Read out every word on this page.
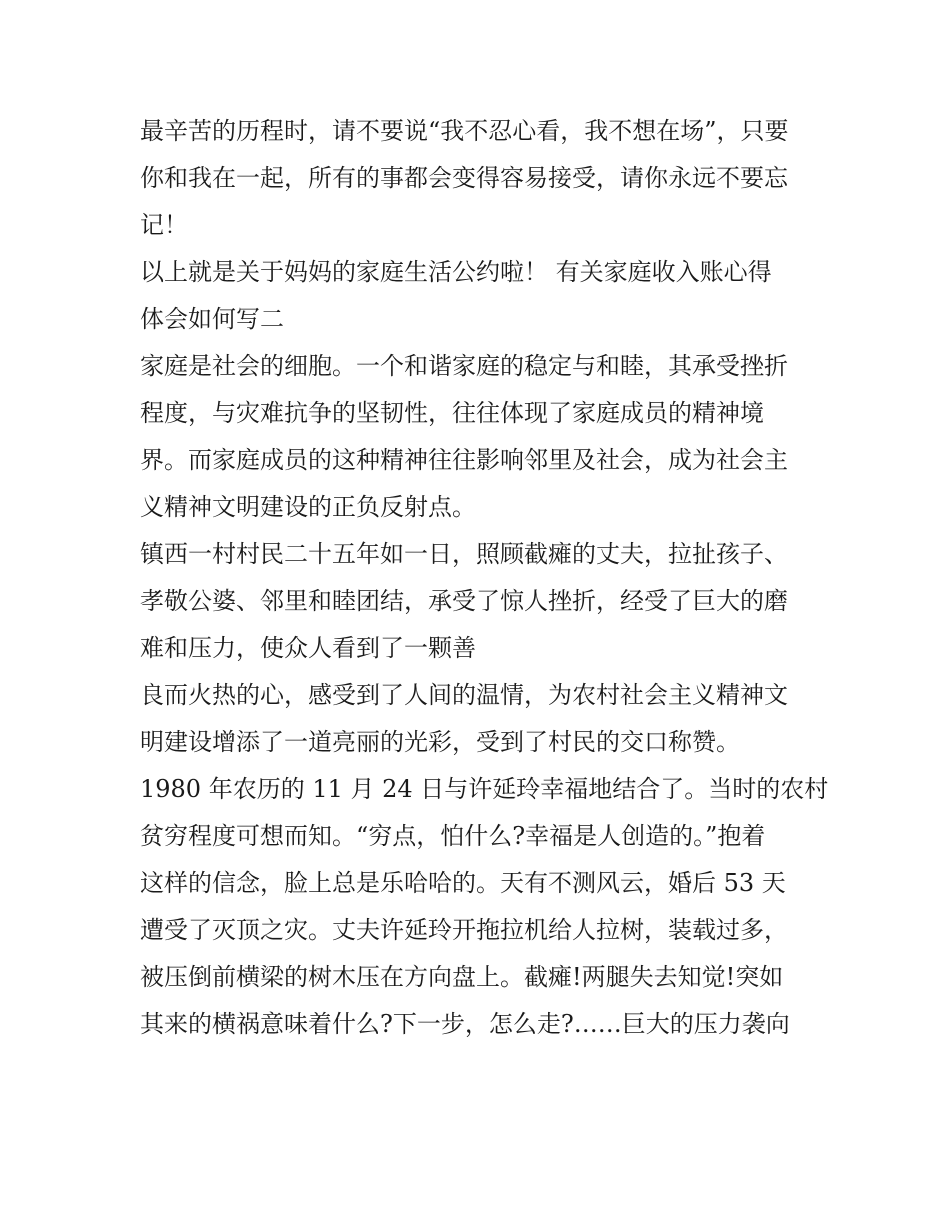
最辛苦的历程时，请不要说“我不忍心看，我不想在场”，只要
你和我在一起，所有的事都会变得容易接受，请你永远不要忘
记！
以上就是关于妈妈的家庭生活公约啦！ 有关家庭收入账心得
体会如何写二
家庭是社会的细胞。一个和谐家庭的稳定与和睦，其承受挫折
程度，与灾难抗争的坚韧性，往往体现了家庭成员的精神境
界。而家庭成员的这种精神往往影响邻里及社会，成为社会主
义精神文明建设的正负反射点。
镇西一村村民二十五年如一日，照顾截瘫的丈夫，拉扯孩子、
孝敬公婆、邻里和睦团结，承受了惊人挫折，经受了巨大的磨
难和压力，使众人看到了一颗善
良而火热的心，感受到了人间的温情，为农村社会主义精神文
明建设增添了一道亮丽的光彩，受到了村民的交口称赞。
1980 年农历的 11 月 24 日与许延玲幸福地结合了。当时的农村
贫穷程度可想而知。“穷点，怕什么?幸福是人创造的。”抱着
这样的信念，脸上总是乐哈哈的。天有不测风云，婚后 53 天
遭受了灭顶之灾。丈夫许延玲开拖拉机给人拉树，装载过多，
被压倒前横梁的树木压在方向盘上。截瘫!两腿失去知觉!突如
其来的横祸意味着什么?下一步，怎么走?……巨大的压力袭向
